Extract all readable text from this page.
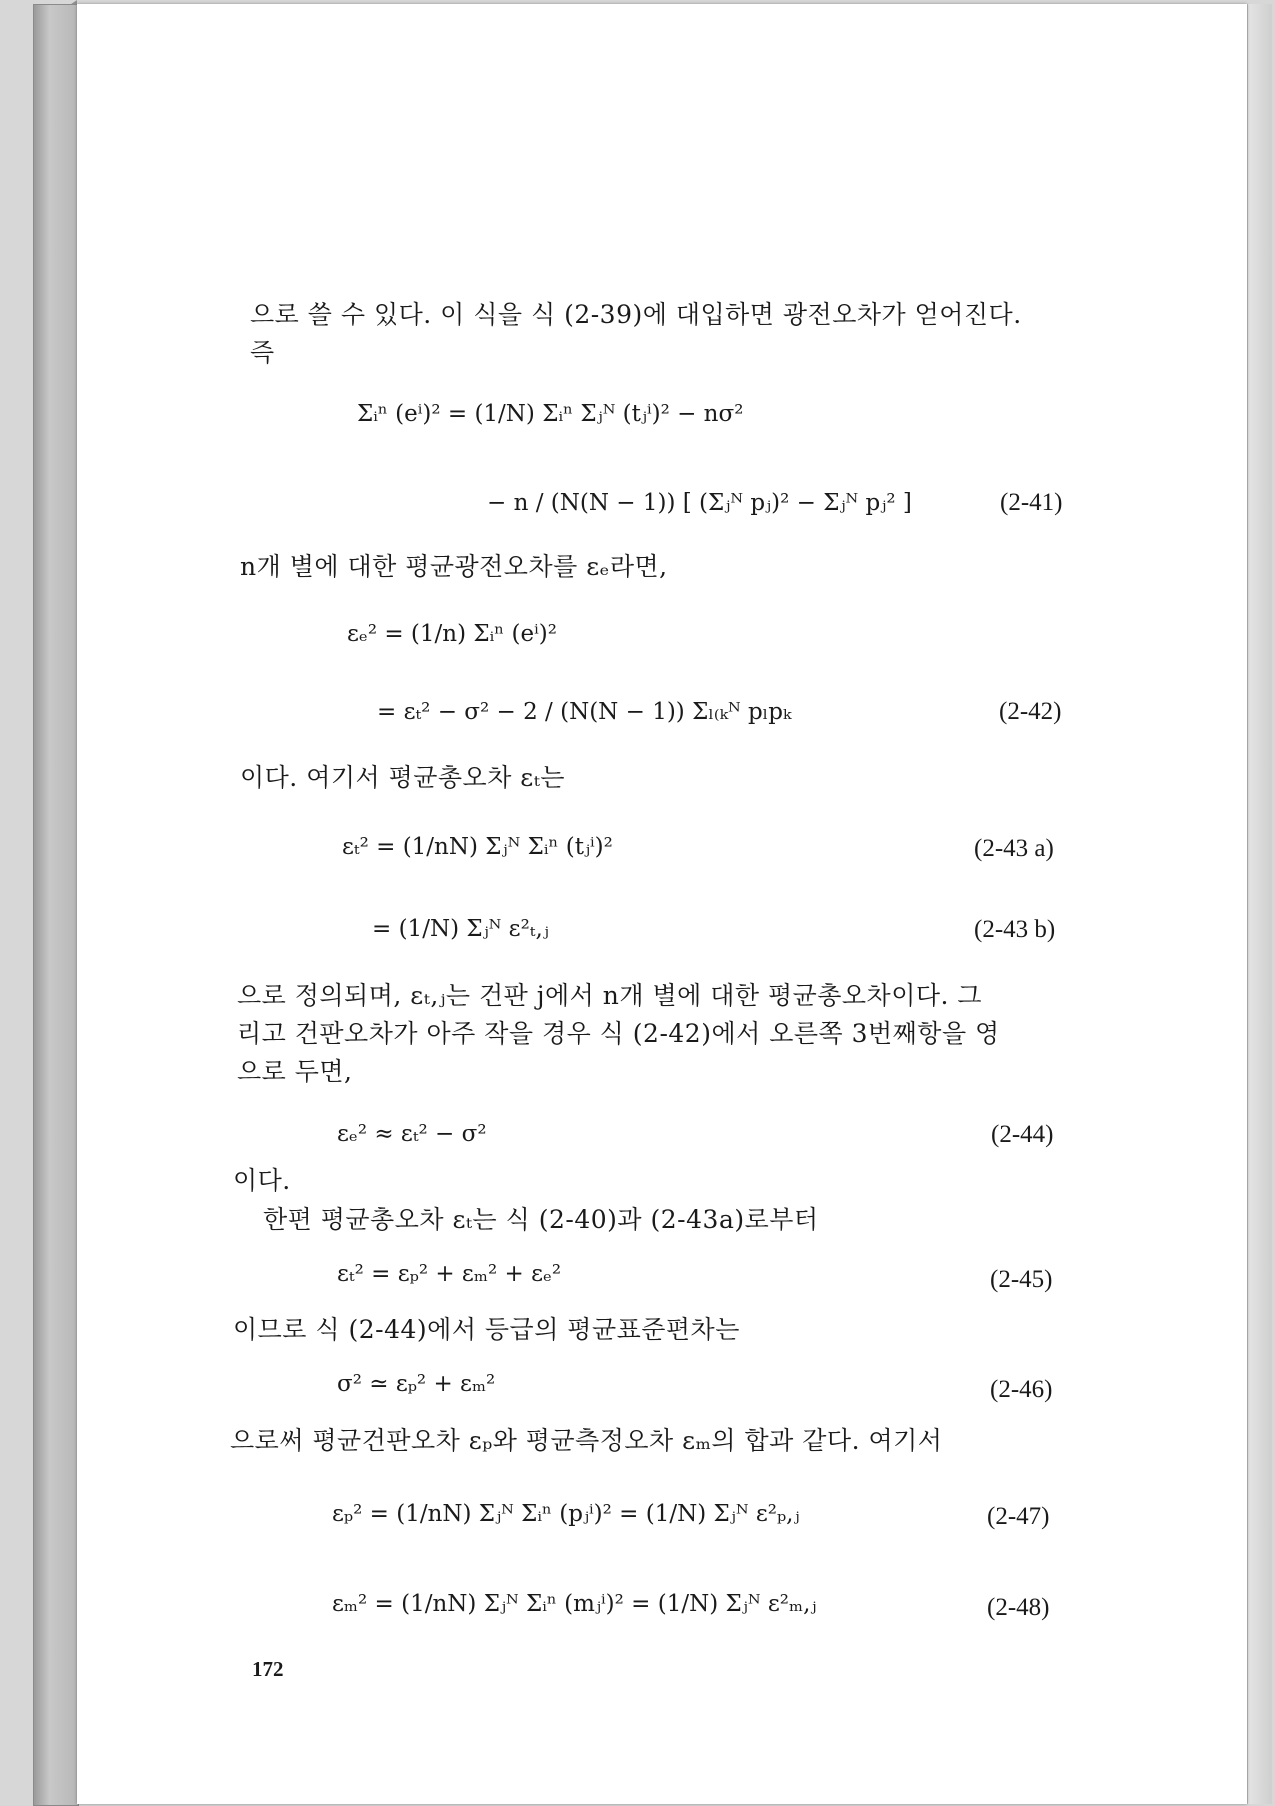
으로 쓸 수 있다. 이 식을 식 (2-39)에 대입하면 광전오차가 얻어진다.
즉
Σᵢⁿ (eⁱ)² = (1/N) Σᵢⁿ Σⱼᴺ (tⱼⁱ)² − nσ²
− n / (N(N − 1)) [ (Σⱼᴺ pⱼ)² − Σⱼᴺ pⱼ² ]	(2-41)
n개 별에 대한 평균광전오차를 εₑ라면,
εₑ² = (1/n) Σᵢⁿ (eⁱ)²
= εₜ² − σ² − 2 / (N(N − 1)) Σₗ₍ₖᴺ pₗpₖ	(2-42)
이다. 여기서 평균총오차 εₜ는
εₜ² = (1/nN) Σⱼᴺ Σᵢⁿ (tⱼⁱ)²	(2-43 a)
= (1/N) Σⱼᴺ ε²ₜ,ⱼ	(2-43 b)
으로 정의되며, εₜ,ⱼ는 건판 j에서 n개 별에 대한 평균총오차이다. 그
리고 건판오차가 아주 작을 경우 식 (2-42)에서 오른쪽 3번째항을 영
으로 두면,
εₑ² ≈ εₜ² − σ²	(2-44)
이다.
한편 평균총오차 εₜ는 식 (2-40)과 (2-43a)로부터
εₜ² = εₚ² + εₘ² + εₑ²	(2-45)
이므로 식 (2-44)에서 등급의 평균표준편차는
σ² ≃ εₚ² + εₘ²	(2-46)
으로써 평균건판오차 εₚ와 평균측정오차 εₘ의 합과 같다. 여기서
εₚ² = (1/nN) Σⱼᴺ Σᵢⁿ (pⱼⁱ)² = (1/N) Σⱼᴺ ε²ₚ,ⱼ	(2-47)
εₘ² = (1/nN) Σⱼᴺ Σᵢⁿ (mⱼⁱ)² = (1/N) Σⱼᴺ ε²ₘ,ⱼ	(2-48)
172
